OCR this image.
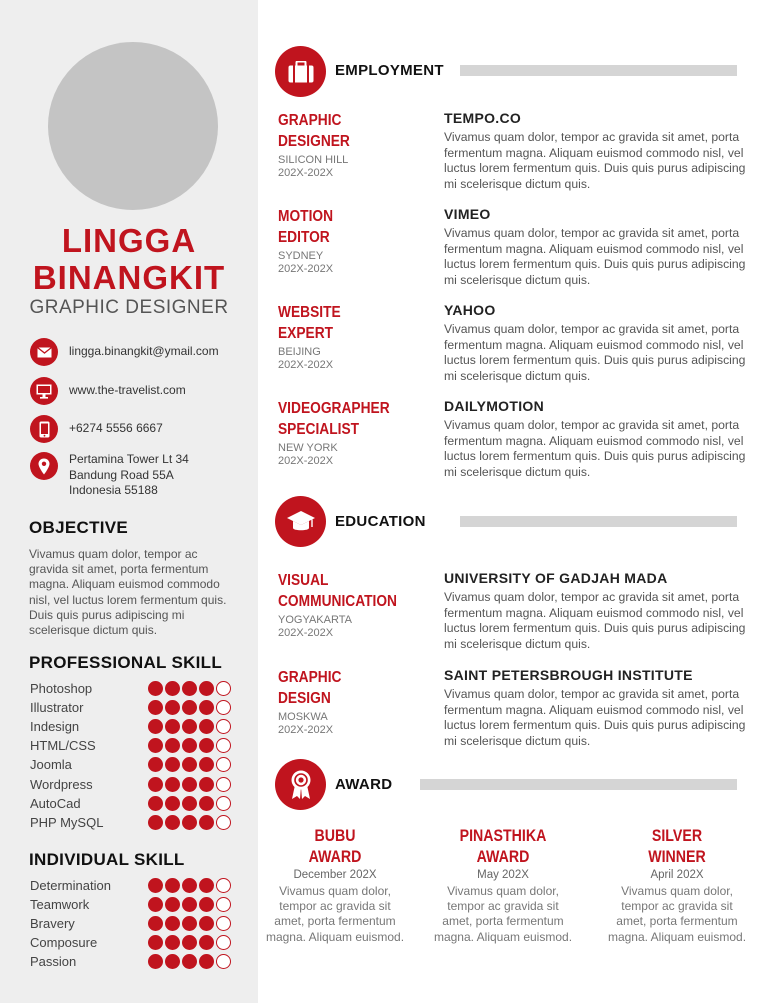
LINGGA
BINANGKIT
GRAPHIC DESIGNER
lingga.binangkit@ymail.com
www.the-travelist.com
+6274 5556 6667
Pertamina Tower Lt 34
Bandung Road 55A
Indonesia 55188
OBJECTIVE
Vivamus quam dolor, tempor ac gravida sit amet, porta fermentum magna. Aliquam euismod commodo nisl, vel luctus lorem fermentum quis. Duis quis purus adipiscing mi scelerisque dictum quis.
PROFESSIONAL SKILL
Photoshop
Illustrator
Indesign
HTML/CSS
Joomla
Wordpress
AutoCad
PHP MySQL
INDIVIDUAL SKILL
Determination
Teamwork
Bravery
Composure
Passion
EMPLOYMENT
GRAPHIC
DESIGNER
SILICON HILL
202X-202X
TEMPO.CO
Vivamus quam dolor, tempor ac gravida sit amet, porta fermentum magna. Aliquam euismod commodo nisl, vel luctus lorem fermentum quis. Duis quis purus adipiscing mi scelerisque dictum quis.
MOTION
EDITOR
SYDNEY
202X-202X
VIMEO
Vivamus quam dolor, tempor ac gravida sit amet, porta fermentum magna. Aliquam euismod commodo nisl, vel luctus lorem fermentum quis. Duis quis purus adipiscing mi scelerisque dictum quis.
WEBSITE
EXPERT
BEIJING
202X-202X
YAHOO
Vivamus quam dolor, tempor ac gravida sit amet, porta fermentum magna. Aliquam euismod commodo nisl, vel luctus lorem fermentum quis. Duis quis purus adipiscing mi scelerisque dictum quis.
VIDEOGRAPHER
SPECIALIST
NEW YORK
202X-202X
DAILYMOTION
Vivamus quam dolor, tempor ac gravida sit amet, porta fermentum magna. Aliquam euismod commodo nisl, vel luctus lorem fermentum quis. Duis quis purus adipiscing mi scelerisque dictum quis.
EDUCATION
VISUAL
COMMUNICATION
YOGYAKARTA
202X-202X
UNIVERSITY OF GADJAH MADA
Vivamus quam dolor, tempor ac gravida sit amet, porta fermentum magna. Aliquam euismod commodo nisl, vel luctus lorem fermentum quis. Duis quis purus adipiscing mi scelerisque dictum quis.
GRAPHIC
DESIGN
MOSKWA
202X-202X
SAINT PETERSBROUGH INSTITUTE
Vivamus quam dolor, tempor ac gravida sit amet, porta fermentum magna. Aliquam euismod commodo nisl, vel luctus lorem fermentum quis. Duis quis purus adipiscing mi scelerisque dictum quis.
AWARD
BUBU
AWARD
December 202X
Vivamus quam dolor, tempor ac gravida sit amet, porta fermentum magna. Aliquam euismod.
PINASTHIKA
AWARD
May 202X
Vivamus quam dolor, tempor ac gravida sit amet, porta fermentum magna. Aliquam euismod.
SILVER
WINNER
April 202X
Vivamus quam dolor, tempor ac gravida sit amet, porta fermentum magna. Aliquam euismod.
